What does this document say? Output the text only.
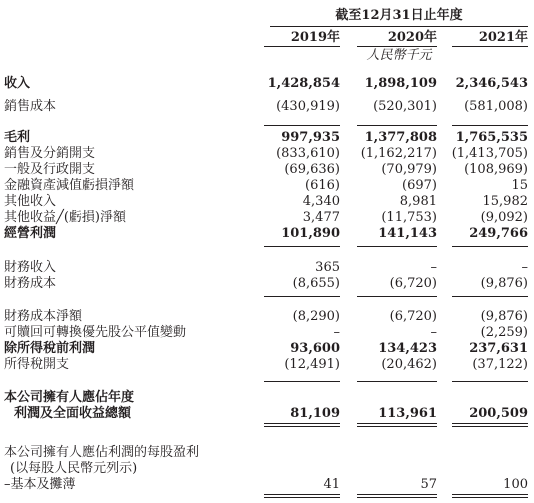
截至12月31日止年度
2019年	2020年	2021年
人民幣千元
收入	1,428,854	1,898,109	2,346,543
銷售成本	(430,919)	(520,301)	(581,008)
毛利	997,935	1,377,808	1,765,535
銷售及分銷開支	(833,610)	(1,162,217)	(1,413,705)
一般及行政開支	(69,636)	(70,979)	(108,969)
金融資產減值虧損淨額	(616)	(697)	15
其他收入	4,340	8,981	15,982
其他收益╱(虧損)淨額	3,477	(11,753)	(9,092)
經營利潤	101,890	141,143	249,766
財務收入	365	–	–
財務成本	(8,655)	(6,720)	(9,876)
財務成本淨額	(8,290)	(6,720)	(9,876)
可贖回可轉換優先股公平值變動	–	–	(2,259)
除所得稅前利潤	93,600	134,423	237,631
所得稅開支	(12,491)	(20,462)	(37,122)
本公司擁有人應佔年度
利潤及全面收益總額	81,109	113,961	200,509
本公司擁有人應佔利潤的每股盈利
(以每股人民幣元列示)
–基本及攤薄	41	57	100
